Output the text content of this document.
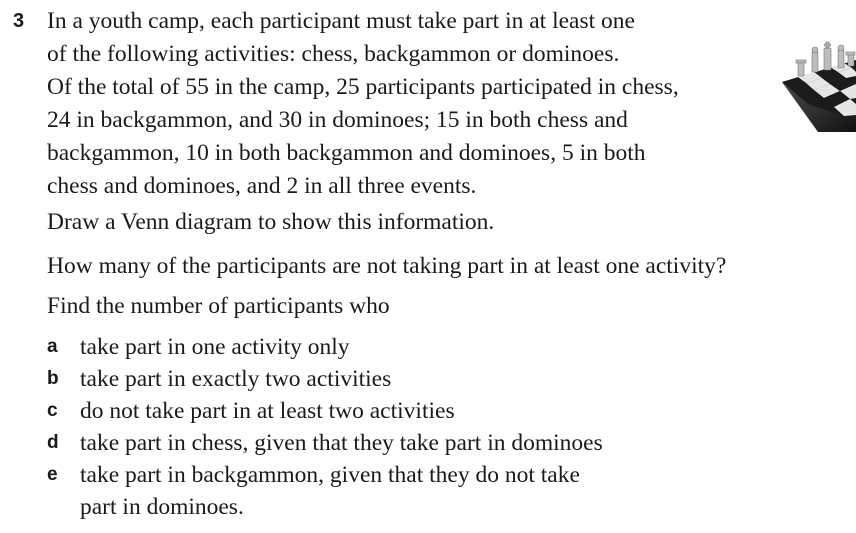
3 In a youth camp, each participant must take part in at least one
of the following activities: chess, backgammon or dominoes.
Of the total of 55 in the camp, 25 participants participated in chess,
24 in backgammon, and 30 in dominoes; 15 in both chess and
backgammon, 10 in both backgammon and dominoes, 5 in both
chess and dominoes, and 2 in all three events.

Draw a Venn diagram to show this information.

How many of the participants are not taking part in at least one activity?

Find the number of participants who

a take part in one activity only
b take part in exactly two activities
c do not take part in at least two activities
d take part in chess, given that they take part in dominoes
e take part in backgammon, given that they do not take
part in dominoes.
